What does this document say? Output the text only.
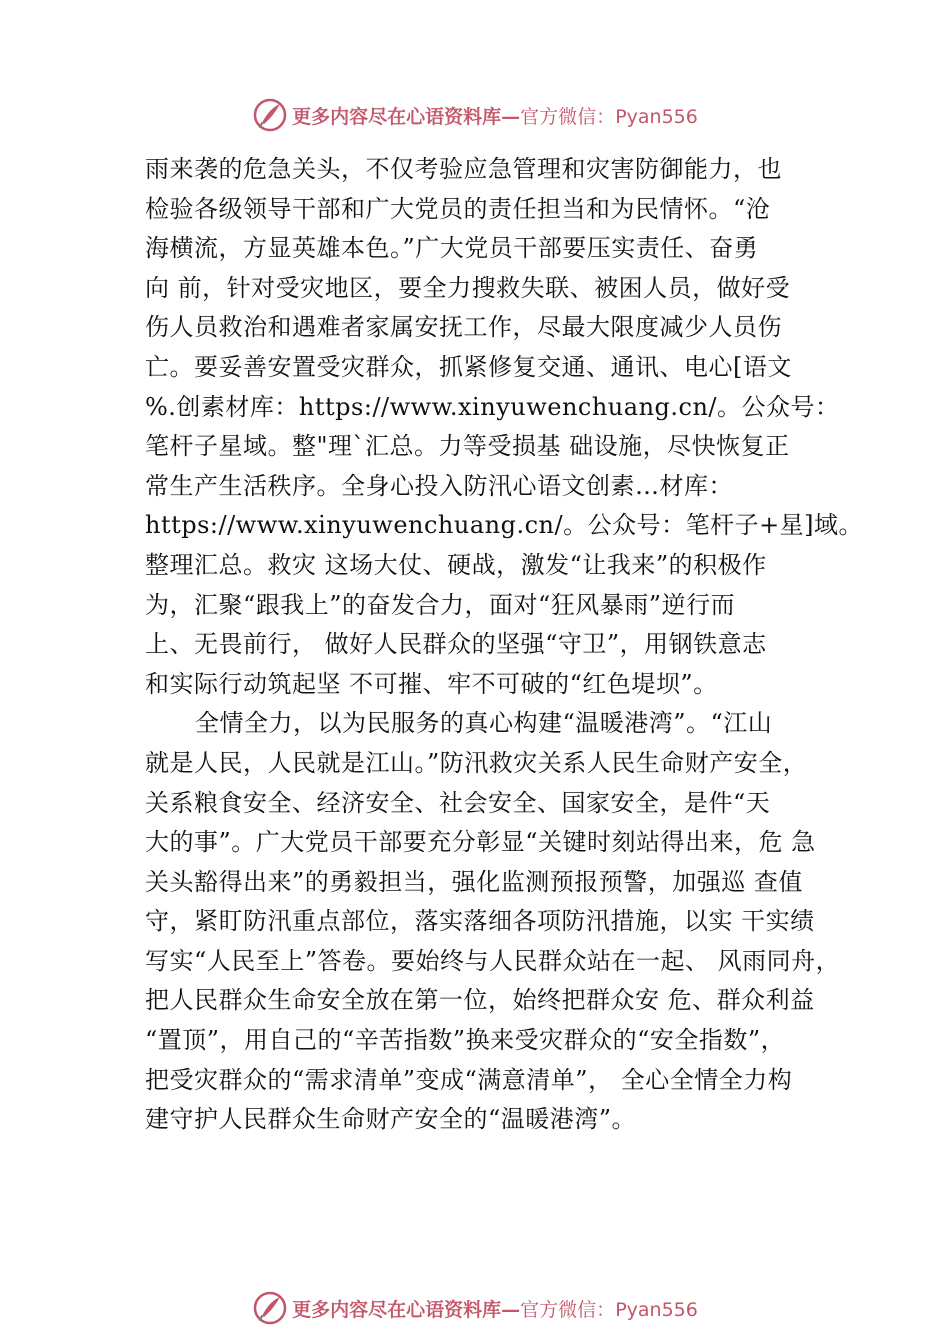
更多内容尽在心语资料库—官方微信：Pyan556
雨来袭的危急关头，不仅考验应急管理和灾害防御能力，也
检验各级领导干部和广大党员的责任担当和为民情怀。“沧
海横流，方显英雄本色。”广大党员干部要压实责任、奋勇
向 前，针对受灾地区，要全力搜救失联、被困人员，做好受
伤人员救治和遇难者家属安抚工作，尽最大限度减少人员伤
亡。要妥善安置受灾群众，抓紧修复交通、通讯、电心[语文
%.创素材库：https://www.xinyuwenchuang.cn/。公众号：
笔杆子星域。整"理`汇总。力等受损基 础设施，尽快恢复正
常生产生活秩序。全身心投入防汛心语文创素…材库：
https://www.xinyuwenchuang.cn/。公众号：笔杆子+星]域。
整理汇总。救灾 这场大仗、硬战，激发“让我来”的积极作
为，汇聚“跟我上”的奋发合力，面对“狂风暴雨”逆行而
上、无畏前行， 做好人民群众的坚强“守卫”，用钢铁意志
和实际行动筑起坚 不可摧、牢不可破的“红色堤坝”。
全情全力，以为民服务的真心构建“温暖港湾”。“江山
就是人民，人民就是江山。”防汛救灾关系人民生命财产安全，
关系粮食安全、经济安全、社会安全、国家安全，是件“天
大的事”。广大党员干部要充分彰显“关键时刻站得出来，危 急
关头豁得出来”的勇毅担当，强化监测预报预警，加强巡 查值
守，紧盯防汛重点部位，落实落细各项防汛措施，以实 干实绩
写实“人民至上”答卷。要始终与人民群众站在一起、 风雨同舟，
把人民群众生命安全放在第一位，始终把群众安 危、群众利益
“置顶”，用自己的“辛苦指数”换来受灾群众的“安全指数”，
把受灾群众的“需求清单”变成“满意清单”， 全心全情全力构
建守护人民群众生命财产安全的“温暖港湾”。
更多内容尽在心语资料库—官方微信：Pyan556
